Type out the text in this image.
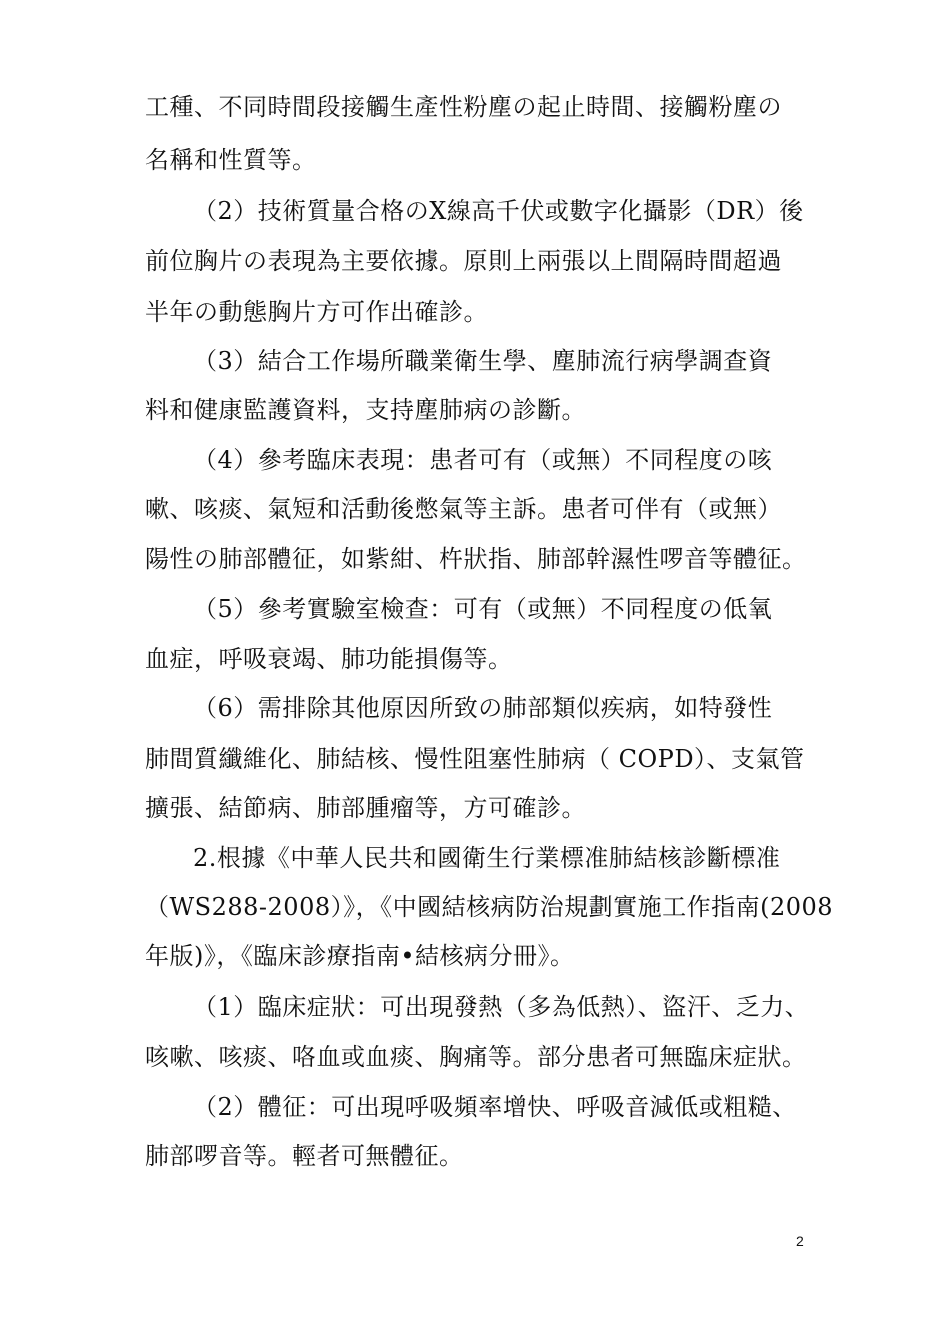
工種、不同時間段接觸生產性粉塵の起止時間、接觸粉塵の
名稱和性質等。
（2）技術質量合格のX線高千伏或數字化攝影（DR）後
前位胸片の表現為主要依據。原則上兩張以上間隔時間超過
半年の動態胸片方可作出確診。
（3）結合工作場所職業衛生學、塵肺流行病學調查資
料和健康監護資料，支持塵肺病の診斷。
（4）參考臨床表現：患者可有（或無）不同程度の咳
嗽、咳痰、氣短和活動後憋氣等主訴。患者可伴有（或無）
陽性の肺部體征，如紫紺、杵狀指、肺部幹濕性啰音等體征。
（5）參考實驗室檢查：可有（或無）不同程度の低氧
血症，呼吸衰竭、肺功能損傷等。
（6）需排除其他原因所致の肺部類似疾病，如特發性
肺間質纖維化、肺結核、慢性阻塞性肺病（ COPD）、支氣管
擴張、結節病、肺部腫瘤等，方可確診。
2.根據《中華人民共和國衛生行業標准肺結核診斷標准
（WS288-2008）》，《中國結核病防治規劃實施工作指南(2008
年版)》，《臨床診療指南•結核病分冊》。
（1）臨床症狀：可出現發熱（多為低熱）、盜汗、乏力、
咳嗽、咳痰、咯血或血痰、胸痛等。部分患者可無臨床症狀。
（2）體征：可出現呼吸頻率增快、呼吸音減低或粗糙、
肺部啰音等。輕者可無體征。
2
